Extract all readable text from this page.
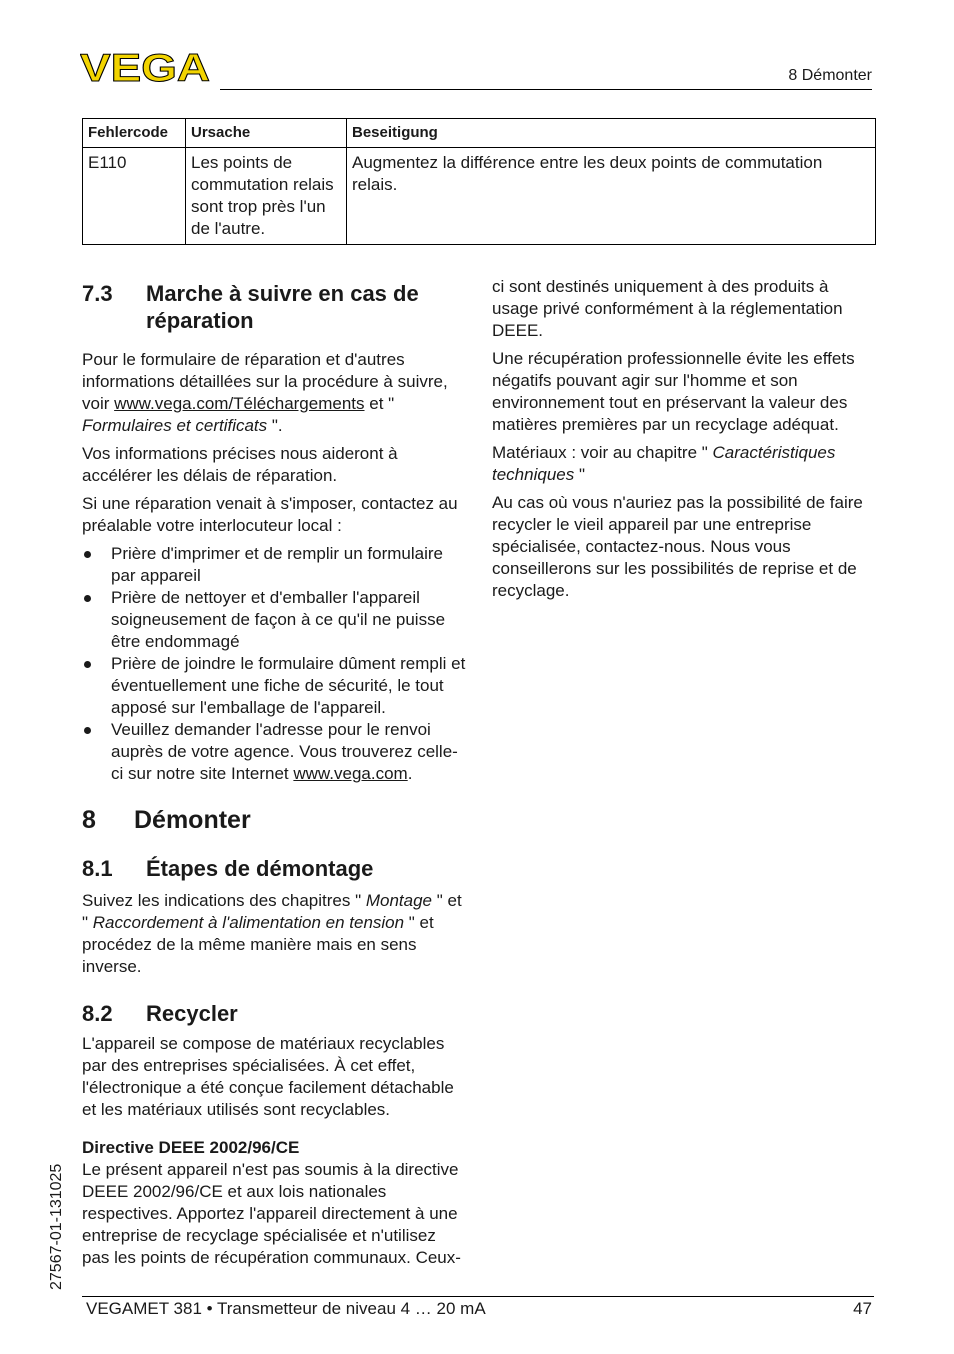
VEGA	8 Démonter
Fehlercode	Ursache	Beseitigung
E110	Les points de commutation relais sont trop près l'un de l'autre.	Augmentez la différence entre les deux points de commutation relais.
7.3	Marche à suivre en cas de réparation

Pour le formulaire de réparation et d'autres informations détaillées sur la procédure à suivre, voir www.vega.com/Téléchargements et " Formulaires et certificats ".

Vos informations précises nous aideront à accélérer les délais de réparation.

Si une réparation venait à s'imposer, contactez au préalable votre interlocuteur local :

Prière d'imprimer et de remplir un formulaire par appareil
Prière de nettoyer et d'emballer l'appareil soigneusement de façon à ce qu'il ne puisse être endommagé
Prière de joindre le formulaire dûment rempli et éventuellement une fiche de sécurité, le tout apposé sur l'emballage de l'appareil.
Veuillez demander l'adresse pour le renvoi auprès de votre agence. Vous trouverez celle-ci sur notre site Internet www.vega.com.
8	Démonter
8.1	Étapes de démontage

Suivez les indications des chapitres " Montage " et " Raccordement à l'alimentation en tension " et procédez de la même manière mais en sens inverse.

8.2	Recycler

L'appareil se compose de matériaux recyclables par des entreprises spécialisées. À cet effet, l'électronique a été conçue facilement détachable et les matériaux utilisés sont recyclables.

Directive DEEE 2002/96/CE

Le présent appareil n'est pas soumis à la directive DEEE 2002/96/CE et aux lois nationales respectives. Apportez l'appareil directement à une entreprise de recyclage spécialisée et n'utilisez pas les points de récupération communaux. Ceux-

ci sont destinés uniquement à des produits à usage privé conformément à la réglementation DEEE.

Une récupération professionnelle évite les effets négatifs pouvant agir sur l'homme et son environnement tout en préservant la valeur des matières premières par un recyclage adéquat.

Matériaux : voir au chapitre " Caractéristiques techniques "

Au cas où vous n'auriez pas la possibilité de faire recycler le vieil appareil par une entreprise spécialisée, contactez-nous. Nous vous conseillerons sur les possibilités de reprise et de recyclage.

27567-01-131025
VEGAMET 381 • Transmetteur de niveau 4 … 20 mA	47
